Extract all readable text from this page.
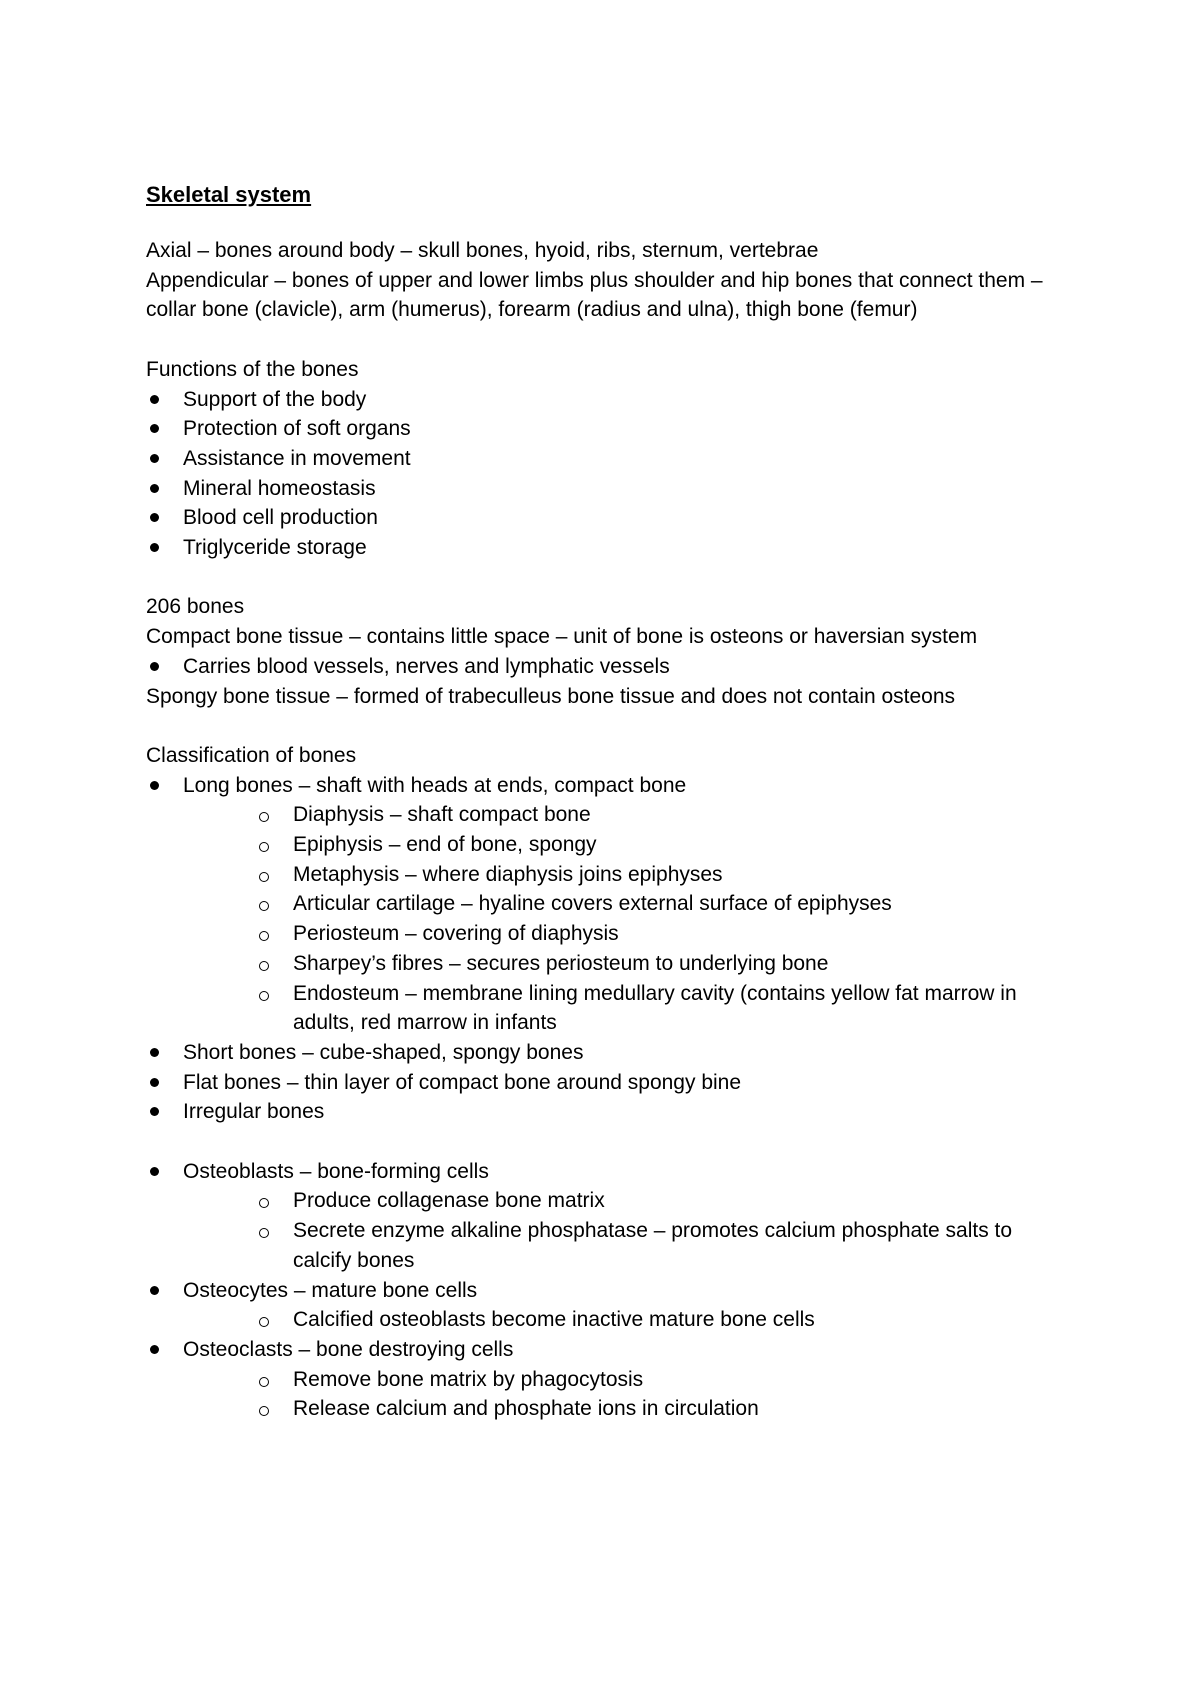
Skeletal system

Axial – bones around body – skull bones, hyoid, ribs, sternum, vertebrae

Appendicular – bones of upper and lower limbs plus shoulder and hip bones that connect them – collar bone (clavicle), arm (humerus), forearm (radius and ulna), thigh bone (femur)

Functions of the bones

Support of the body
Protection of soft organs
Assistance in movement
Mineral homeostasis
Blood cell production
Triglyceride storage

206 bones

Compact bone tissue – contains little space – unit of bone is osteons or haversian system

Carries blood vessels, nerves and lymphatic vessels

Spongy bone tissue – formed of trabeculleus bone tissue and does not contain osteons

Classification of bones

Long bones – shaft with heads at ends, compact bone
Diaphysis – shaft compact bone
Epiphysis – end of bone, spongy
Metaphysis – where diaphysis joins epiphyses
Articular cartilage – hyaline covers external surface of epiphyses
Periosteum – covering of diaphysis
Sharpey’s fibres – secures periosteum to underlying bone
Endosteum – membrane lining medullary cavity (contains yellow fat marrow in adults, red marrow in infants
Short bones – cube-shaped, spongy bones
Flat bones – thin layer of compact bone around spongy bine
Irregular bones
Osteoblasts – bone-forming cells
Produce collagenase bone matrix
Secrete enzyme alkaline phosphatase – promotes calcium phosphate salts to calcify bones
Osteocytes – mature bone cells
Calcified osteoblasts become inactive mature bone cells
Osteoclasts – bone destroying cells
Remove bone matrix by phagocytosis
Release calcium and phosphate ions in circulation
